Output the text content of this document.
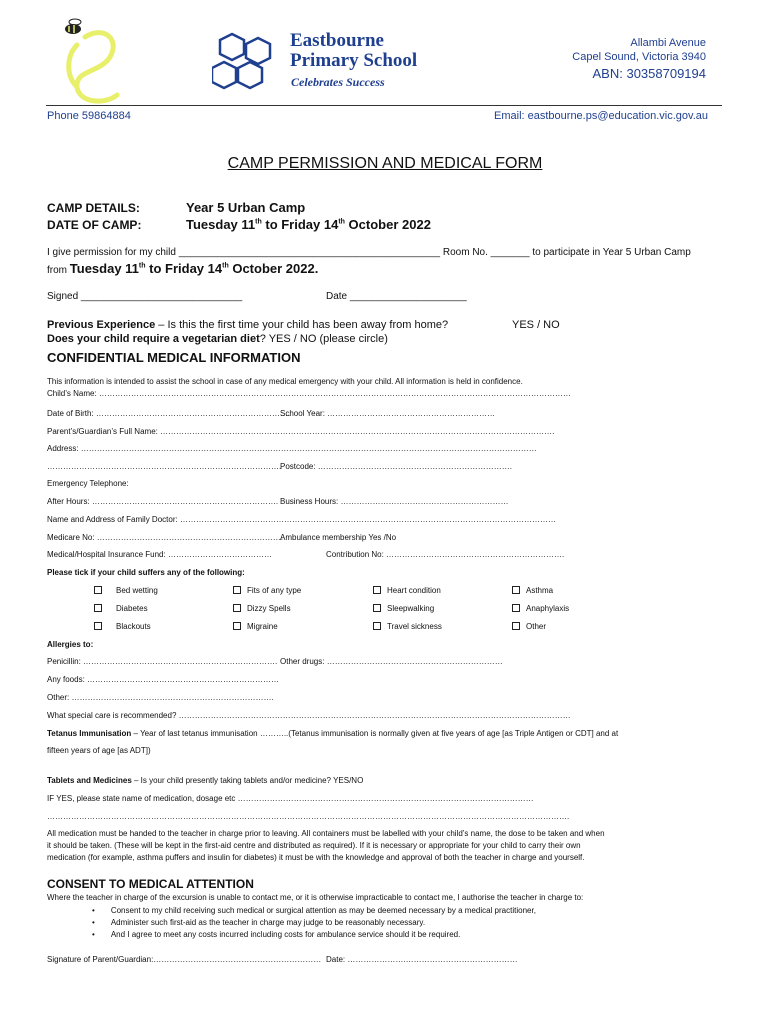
Eastbourne
Primary School
Celebrates Success
Allambi Avenue
Capel Sound, Victoria 3940
ABN: 30358709194
Phone 59864884	Email: eastbourne.ps@education.vic.gov.au
CAMP PERMISSION AND MEDICAL FORM
CAMP DETAILS:	Year 5 Urban Camp
DATE OF CAMP:	Tuesday 11th to Friday 14th October 2022
I give permission for my child _______________________________________________ Room No. _______ to participate in Year 5 Urban Camp
from Tuesday 11th to Friday 14th October 2022.
Signed _____________________________	Date _____________________
Previous Experience – Is this the first time your child has been away from home?	YES / NO
Does your child require a vegetarian diet? YES / NO (please circle)
CONFIDENTIAL MEDICAL INFORMATION
This information is intended to assist the school in case of any medical emergency with your child. All information is held in confidence.
Child’s Name: ……………………………………………………………………………………………………………………………………………………………
Date of Birth: ……………………………………………………………….
School Year: ………………………………………………………
Parent’s/Guardian’s Full Name: ………………………………………………………………………………………………………………………………….
Address: ………………………………………………………………………………………………………………………………………………………
…………………………………………………………………………….
Postcode: ……………………………………………………………….
Emergency Telephone:
After Hours: ……………………………………………………………. Business Hours: ………………………………………………………
Name and Address of Family Doctor: ……………………………………………………………………………………………………………………………
Medicare No: …………………………………………………………….
Ambulance membership Yes /No
Medical/Hospital Insurance Fund: …………………………………	Contribution No: ………………………………………………………….
Please tick if your child suffers any of the following:
Bed wetting	Fits of any type	Heart condition	Asthma
Diabetes	Dizzy Spells	Sleepwalking	Anaphylaxis
Blackouts	Migraine	Travel sickness	Other
Allergies to:
Penicillin: ………………………………………………………………. Other drugs: …………………………………………………………
Any foods: ………………………………………………………………
Other: ………………………………………………………………….
What special care is recommended? …………………………………………………………………………………………………………………………………
Tetanus Immunisation – Year of last tetanus immunisation ………..(Tetanus immunisation is normally given at five years of age [as Triple Antigen or CDT] and at
fifteen years of age [as ADT])
Tablets and Medicines – Is your child presently taking tablets and/or medicine? YES/NO
IF YES, please state name of medication, dosage etc …………………………………………………………………………………………………
…………………………………………………………………………………………………………………………………………………………………………….
All medication must be handed to the teacher in charge prior to leaving. All containers must be labelled with your child’s name, the dose to be taken and when
it should be taken. (These will be kept in the first-aid centre and distributed as required). If it is necessary or appropriate for your child to carry their own
medication (for example, asthma puffers and insulin for diabetes) it must be with the knowledge and approval of both the teacher in charge and yourself.
CONSENT TO MEDICAL ATTENTION
Where the teacher in charge of the excursion is unable to contact me, or it is otherwise impracticable to contact me, I authorise the teacher in charge to:
• Consent to my child receiving such medical or surgical attention as may be deemed necessary by a medical practitioner,
• Administer such first-aid as the teacher in charge may judge to be reasonably necessary.
• And I agree to meet any costs incurred including costs for ambulance service should it be required.
Signature of Parent/Guardian:……………………………………………………… Date: ………………….……………………………………
